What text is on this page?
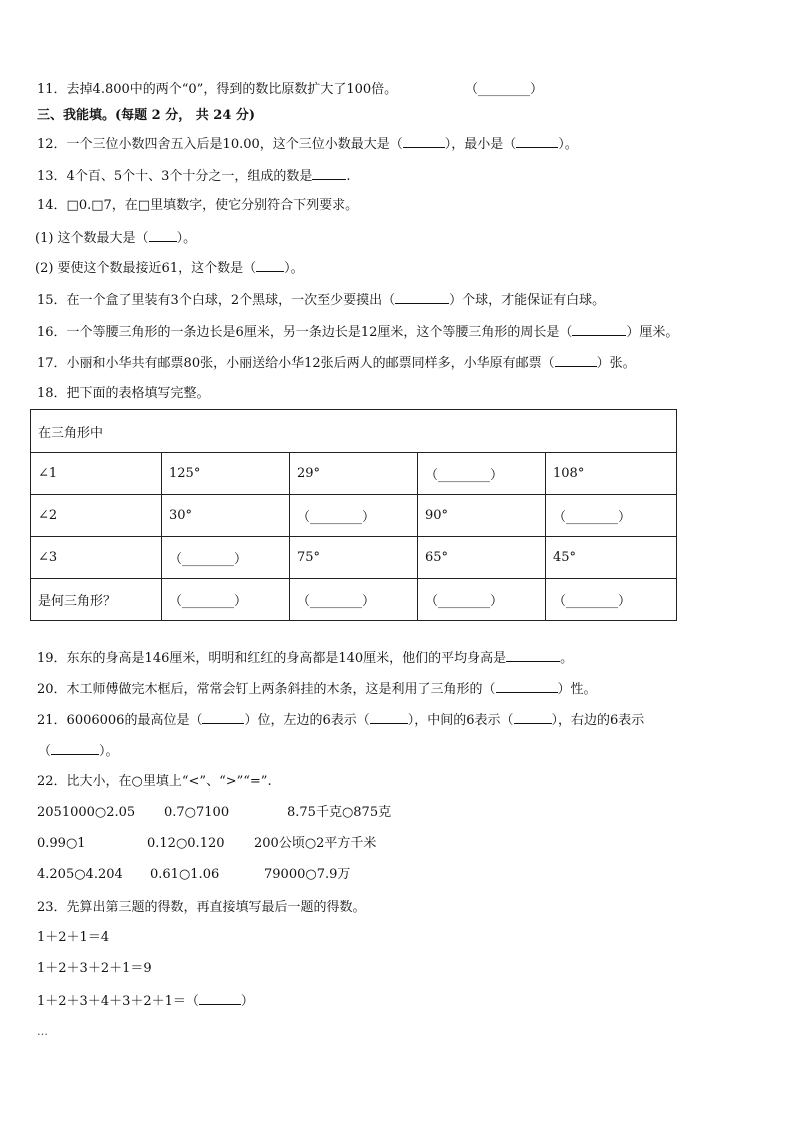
11．去掉4.800中的两个“0”，得到的数比原数扩大了100倍。	（________）
三、我能填。(每题 2 分， 共 24 分)
12．一个三位小数四舍五入后是10.00，这个三位小数最大是（	），最小是（	）。
13．4个百、5个十、3个十分之一，组成的数是	.
14．□0.□7，在□里填数字，使它分别符合下列要求。
(1) 这个数最大是（ ）。
(2) 要使这个数最接近61，这个数是（ ）。
15．在一个盒了里装有3个白球，2个黑球，一次至少要摸出（	）个球，才能保证有白球。
16．一个等腰三角形的一条边长是6厘米，另一条边长是12厘米，这个等腰三角形的周长是（	）厘米。
17．小丽和小华共有邮票80张，小丽送给小华12张后两人的邮票同样多，小华原有邮票（	）张。
18．把下面的表格填写完整。
在三角形中				
∠1	125°	29°	（________）	108°
∠2	30°	（________）	90°	（________）
∠3	（________）	75°	65°	45°
是何三角形？	（________）	（________）	（________）	（________）
19．东东的身高是146厘米，明明和红红的身高都是140厘米，他们的平均身高是	。
20．木工师傅做完木框后，常常会钉上两条斜挂的木条，这是利用了三角形的（	）性。
21．6006006的最高位是（	）位，左边的6表示（	），中间的6表示（	），右边的6表示
（	）。
22．比大小，在○里填上“<”、“>”“=”.
2051000○2.05 0.7○7100	8.75千克○875克
0.99○1	0.12○0.120 200公顷○2平方千米
4.205○4.204 0.61○1.06	79000○7.9万
23．先算出第三题的得数，再直接填写最后一题的得数。
1＋2＋1＝4
1＋2＋3＋2＋1＝9
1＋2＋3＋4＋3＋2＋1＝（	）
…
